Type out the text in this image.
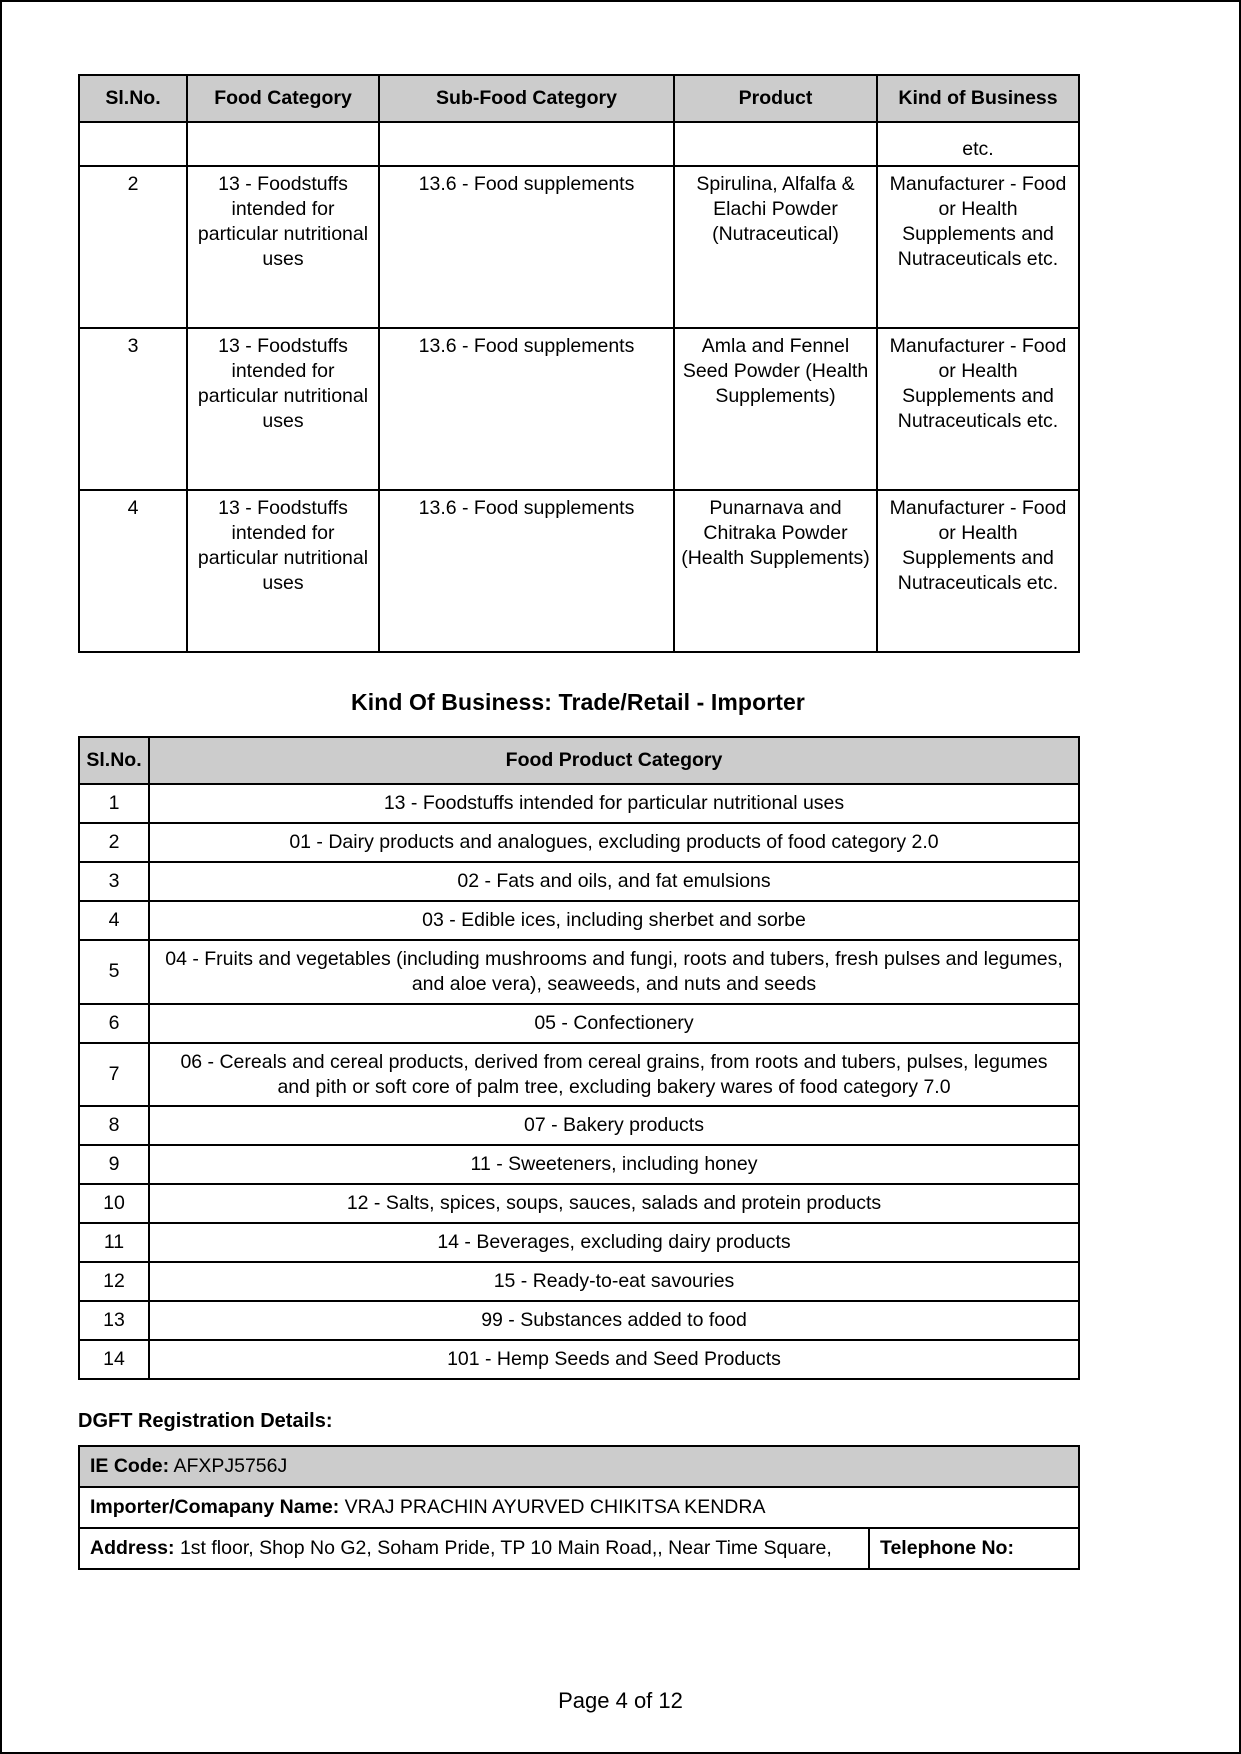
Sl.No.	Food Category	Sub-Food Category	Product	Kind of Business
				etc.
2	13 - Foodstuffs intended for particular nutritional uses	13.6 - Food supplements	Spirulina, Alfalfa & Elachi Powder (Nutraceutical)	Manufacturer - Food or Health Supplements and Nutraceuticals etc.
3	13 - Foodstuffs intended for particular nutritional uses	13.6 - Food supplements	Amla and Fennel Seed Powder (Health Supplements)	Manufacturer - Food or Health Supplements and Nutraceuticals etc.
4	13 - Foodstuffs intended for particular nutritional uses	13.6 - Food supplements	Punarnava and Chitraka Powder (Health Supplements)	Manufacturer - Food or Health Supplements and Nutraceuticals etc.
Kind Of Business: Trade/Retail - Importer
Sl.No.	Food Product Category
1	13 - Foodstuffs intended for particular nutritional uses
2	01 - Dairy products and analogues, excluding products of food category 2.0
3	02 - Fats and oils, and fat emulsions
4	03 - Edible ices, including sherbet and sorbe
5	04 - Fruits and vegetables (including mushrooms and fungi, roots and tubers, fresh pulses and legumes, and aloe vera), seaweeds, and nuts and seeds
6	05 - Confectionery
7	06 - Cereals and cereal products, derived from cereal grains, from roots and tubers, pulses, legumes and pith or soft core of palm tree, excluding bakery wares of food category 7.0
8	07 - Bakery products
9	11 - Sweeteners, including honey
10	12 - Salts, spices, soups, sauces, salads and protein products
11	14 - Beverages, excluding dairy products
12	15 - Ready-to-eat savouries
13	99 - Substances added to food
14	101 - Hemp Seeds and Seed Products
DGFT Registration Details:
IE Code: AFXPJ5756J
Importer/Comapany Name: VRAJ PRACHIN AYURVED CHIKITSA KENDRA
Address: 1st floor, Shop No G2, Soham Pride, TP 10 Main Road,, Near Time Square,	Telephone No:
Page 4 of 12
